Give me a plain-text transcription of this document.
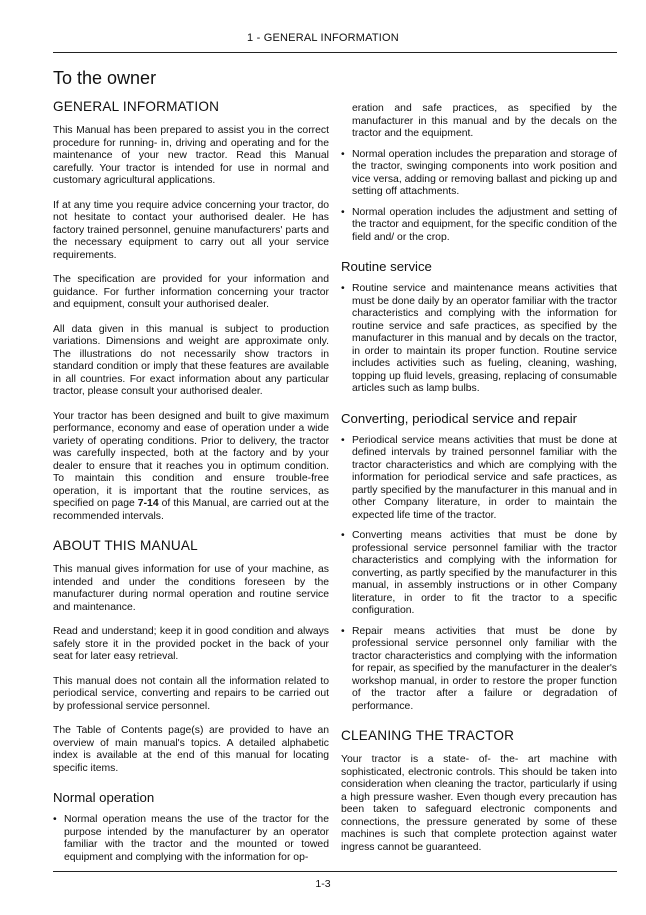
1 - GENERAL INFORMATION
To the owner
GENERAL INFORMATION

This Manual has been prepared to assist you in the correct procedure for running- in, driving and operating and for the maintenance of your new tractor. Read this Manual carefully. Your tractor is intended for use in normal and customary agricultural applications.

If at any time you require advice concerning your tractor, do not hesitate to contact your authorised dealer. He has factory trained personnel, genuine manufacturers' parts and the necessary equipment to carry out all your service requirements.

The specification are provided for your information and guidance. For further information concerning your tractor and equipment, consult your authorised dealer.

All data given in this manual is subject to production variations. Dimensions and weight are approximate only. The illustrations do not necessarily show tractors in standard condition or imply that these features are available in all countries. For exact information about any particular tractor, please consult your authorised dealer.

Your tractor has been designed and built to give maximum performance, economy and ease of operation under a wide variety of operating conditions. Prior to delivery, the tractor was carefully inspected, both at the factory and by your dealer to ensure that it reaches you in optimum condition. To maintain this condition and ensure trouble-free operation, it is important that the routine services, as specified on page 7-14 of this Manual, are carried out at the recommended intervals.

ABOUT THIS MANUAL

This manual gives information for use of your machine, as intended and under the conditions foreseen by the manufacturer during normal operation and routine service and maintenance.

Read and understand; keep it in good condition and always safely store it in the provided pocket in the back of your seat for later easy retrieval.

This manual does not contain all the information related to periodical service, converting and repairs to be carried out by professional service personnel.

The Table of Contents page(s) are provided to have an overview of main manual's topics. A detailed alphabetic index is available at the end of this manual for locating specific items.

Normal operation
• Normal operation means the use of the tractor for the purpose intended by the manufacturer by an operator familiar with the tractor and the mounted or towed equipment and complying with the information for op-
eration and safe practices, as specified by the manufacturer in this manual and by the decals on the tractor and the equipment.
• Normal operation includes the preparation and storage of the tractor, swinging components into work position and vice versa, adding or removing ballast and picking up and setting off attachments.
• Normal operation includes the adjustment and setting of the tractor and equipment, for the specific condition of the field and/ or the crop.
Routine service
• Routine service and maintenance means activities that must be done daily by an operator familiar with the tractor characteristics and complying with the information for routine service and safe practices, as specified by the manufacturer in this manual and by decals on the tractor, in order to maintain its proper function. Routine service includes activities such as fueling, cleaning, washing, topping up fluid levels, greasing, replacing of consumable articles such as lamp bulbs.
Converting, periodical service and repair
• Periodical service means activities that must be done at defined intervals by trained personnel familiar with the tractor characteristics and which are complying with the information for periodical service and safe practices, as partly specified by the manufacturer in this manual and in other Company literature, in order to maintain the expected life time of the tractor.
• Converting means activities that must be done by professional service personnel familiar with the tractor characteristics and complying with the information for converting, as partly specified by the manufacturer in this manual, in assembly instructions or in other Company literature, in order to fit the tractor to a specific configuration.
• Repair means activities that must be done by professional service personnel only familiar with the tractor characteristics and complying with the information for repair, as specified by the manufacturer in the dealer's workshop manual, in order to restore the proper function of the tractor after a failure or degradation of performance.
CLEANING THE TRACTOR

Your tractor is a state- of- the- art machine with sophisticated, electronic controls. This should be taken into consideration when cleaning the tractor, particularly if using a high pressure washer. Even though every precaution has been taken to safeguard electronic components and connections, the pressure generated by some of these machines is such that complete protection against water ingress cannot be guaranteed.

1-3
